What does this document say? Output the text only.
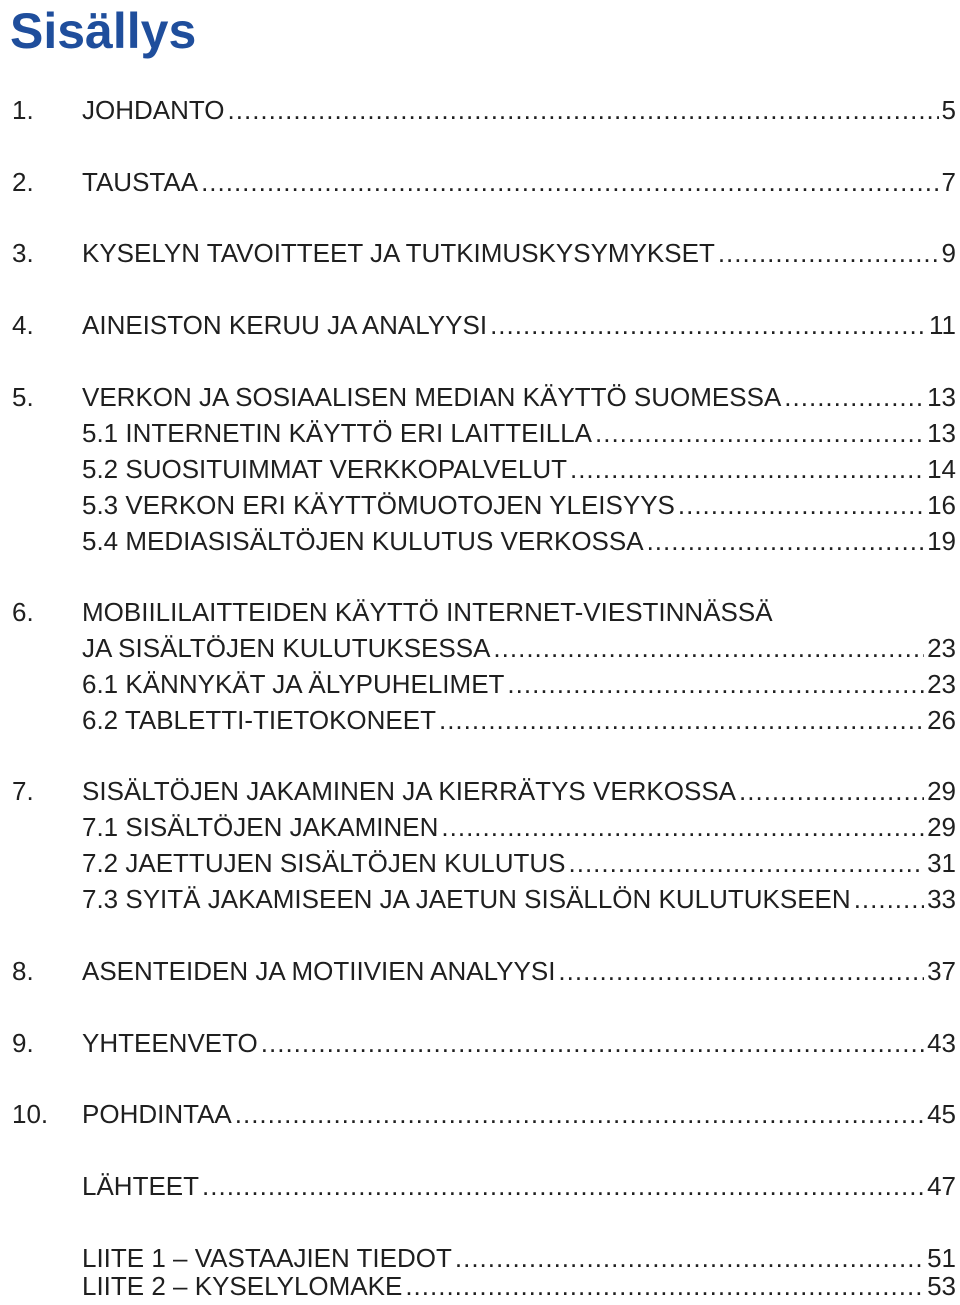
Sisällys
1.	JOHDANTO .....	5
2.	TAUSTAA .....	7
3.	KYSELYN TAVOITTEET JA TUTKIMUSKYSYMYKSET .....	9
4.	AINEISTON KERUU JA ANALYYSI .....	11
5.	VERKON JA SOSIAALISEN MEDIAN KÄYTTÖ SUOMESSA .....	13
5.1 INTERNETIN KÄYTTÖ ERI LAITTEILLA .....	13
5.2 SUOSITUIMMAT VERKKOPALVELUT .....	14
5.3 VERKON ERI KÄYTTÖMUOTOJEN YLEISYYS .....	16
5.4 MEDIASISÄLTÖJEN KULUTUS VERKOSSA .....	19
6.	MOBIILILAITTEIDEN KÄYTTÖ INTERNET-VIESTINNÄSSÄ
JA SISÄLTÖJEN KULUTUKSESSA .....	23
6.1 KÄNNYKÄT JA ÄLYPUHELIMET .....	23
6.2 TABLETTI-TIETOKONEET .....	26
7.	SISÄLTÖJEN JAKAMINEN JA KIERRÄTYS VERKOSSA .....	29
7.1 SISÄLTÖJEN JAKAMINEN .....	29
7.2 JAETTUJEN SISÄLTÖJEN KULUTUS .....	31
7.3 SYITÄ JAKAMISEEN JA JAETUN SISÄLLÖN KULUTUKSEEN .....	33
8.	ASENTEIDEN JA MOTIIVIEN ANALYYSI .....	37
9.	YHTEENVETO .....	43
10.	POHDINTAA .....	45
LÄHTEET .....	47
LIITE 1 – VASTAAJIEN TIEDOT .....	51
LIITE 2 – KYSELYLOMAKE .....	53
